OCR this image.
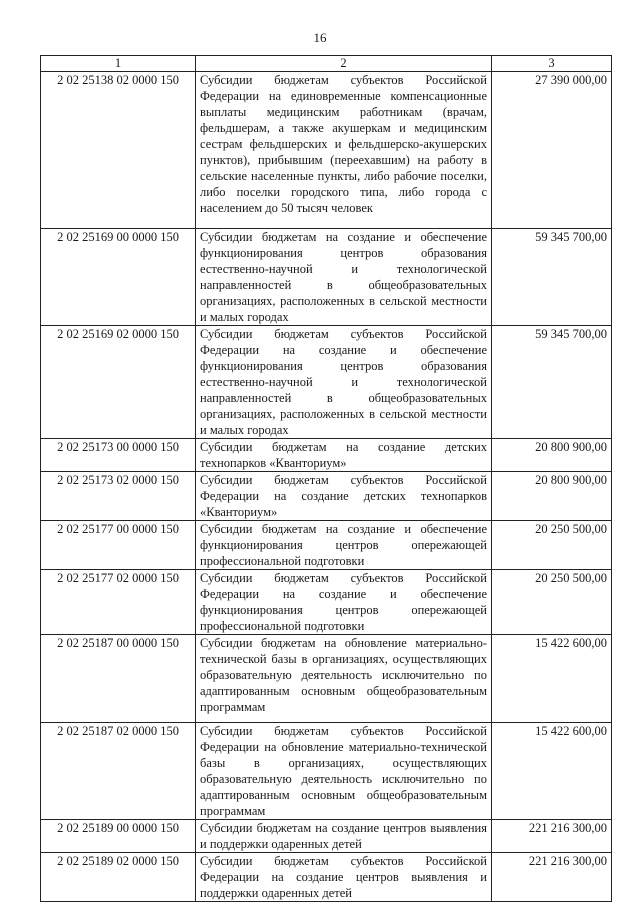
16
1	2	3
2 02 25138 02 0000 150	Субсидии бюджетам субъектов Российской Федерации на единовременные компенсационные выплаты медицинским работникам (врачам, фельдшерам, а также акушеркам и медицинским сестрам фельдшерских и фельдшерско-акушерских пунктов), прибывшим (переехавшим) на работу в сельские населенные пункты, либо рабочие поселки, либо поселки городского типа, либо города с населением до 50 тысяч человек	27 390 000,00
2 02 25169 00 0000 150	Субсидии бюджетам на создание и обеспечение функционирования центров образования естественно-научной и технологической направленностей в общеобразовательных организациях, расположенных в сельской местности и малых городах	59 345 700,00
2 02 25169 02 0000 150	Субсидии бюджетам субъектов Российской Федерации на создание и обеспечение функционирования центров образования естественно-научной и технологической направленностей в общеобразовательных организациях, расположенных в сельской местности и малых городах	59 345 700,00
2 02 25173 00 0000 150	Субсидии бюджетам на создание детских технопарков «Кванториум»	20 800 900,00
2 02 25173 02 0000 150	Субсидии бюджетам субъектов Российской Федерации на создание детских технопарков «Кванториум»	20 800 900,00
2 02 25177 00 0000 150	Субсидии бюджетам на создание и обеспечение функционирования центров опережающей профессиональной подготовки	20 250 500,00
2 02 25177 02 0000 150	Субсидии бюджетам субъектов Российской Федерации на создание и обеспечение функционирования центров опережающей профессиональной подготовки	20 250 500,00
2 02 25187 00 0000 150	Субсидии бюджетам на обновление материально-технической базы в организациях, осуществляющих образовательную деятельность исключительно по адаптированным основным общеобразовательным программам	15 422 600,00
2 02 25187 02 0000 150	Субсидии бюджетам субъектов Российской Федерации на обновление материально-технической базы в организациях, осуществляющих образовательную деятельность исключительно по адаптированным основным общеобразовательным программам	15 422 600,00
2 02 25189 00 0000 150	Субсидии бюджетам на создание центров выявления и поддержки одаренных детей	221 216 300,00
2 02 25189 02 0000 150	Субсидии бюджетам субъектов Российской Федерации на создание центров выявления и поддержки одаренных детей	221 216 300,00
